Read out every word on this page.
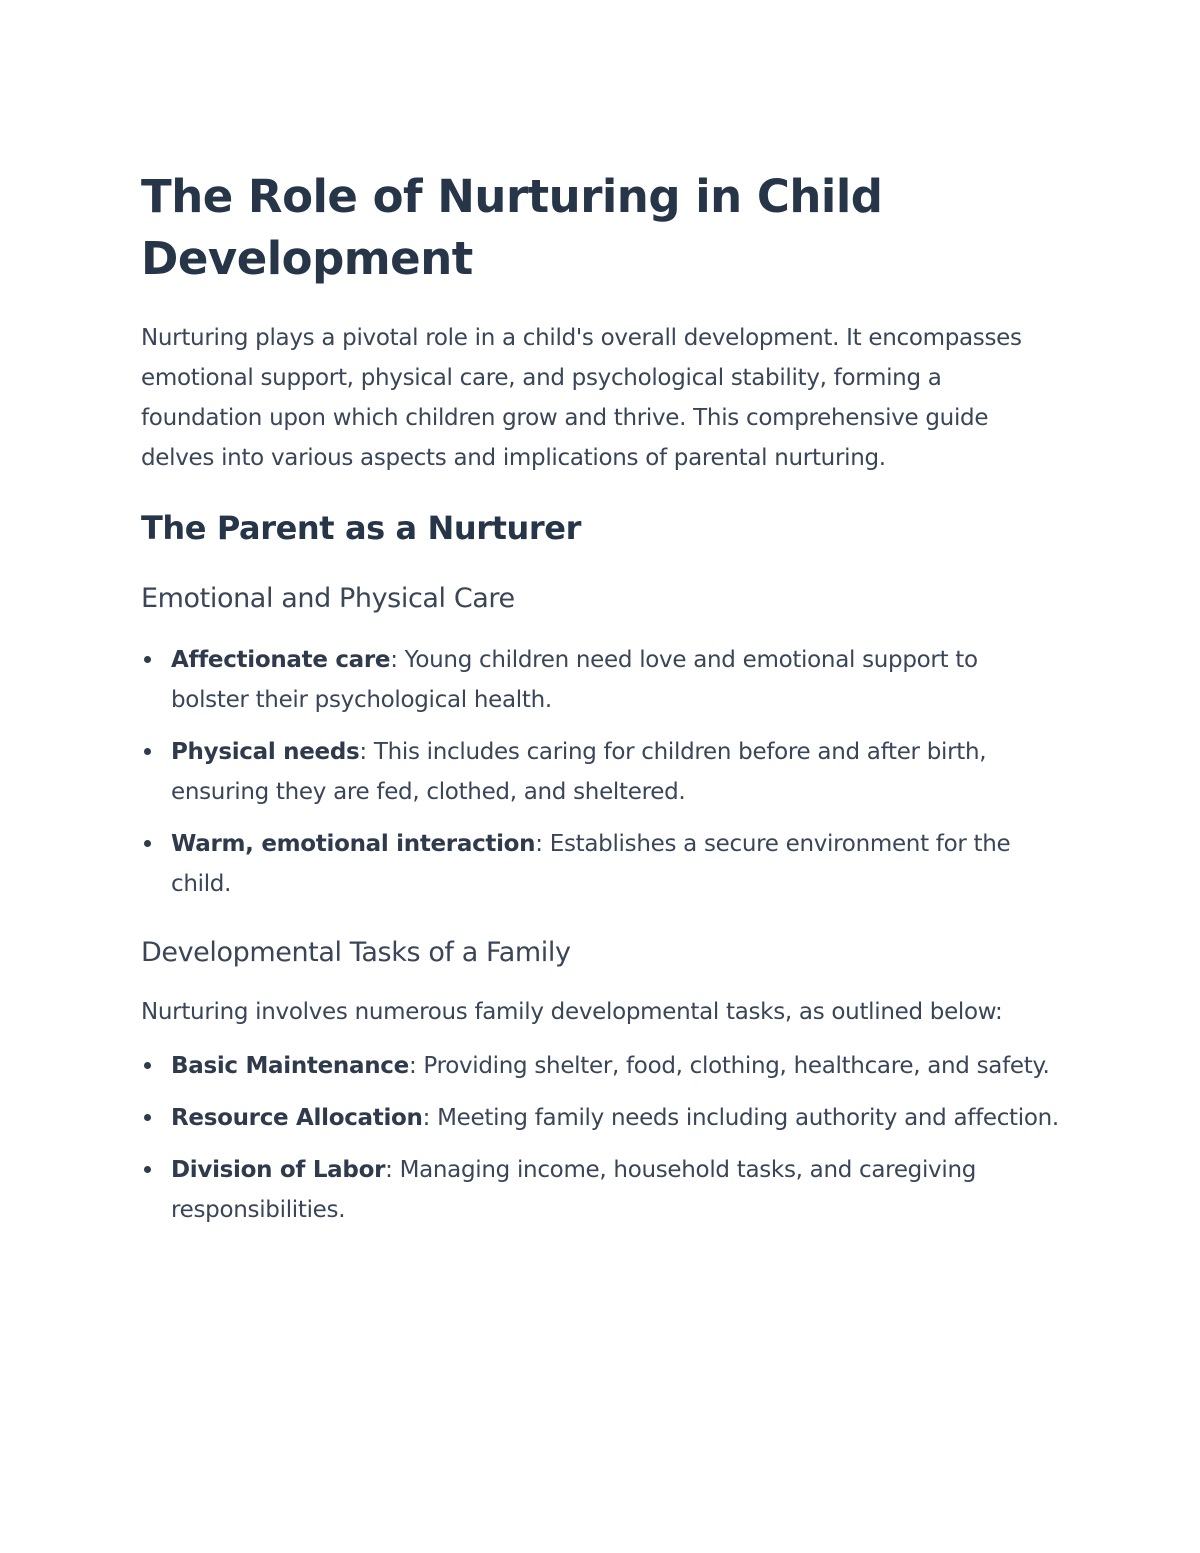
The Role of Nurturing in Child Development

Nurturing plays a pivotal role in a child's overall development. It encompasses emotional support, physical care, and psychological stability, forming a foundation upon which children grow and thrive. This comprehensive guide delves into various aspects and implications of parental nurturing.

The Parent as a Nurturer
Emotional and Physical Care
Affectionate care: Young children need love and emotional support to bolster their psychological health.
Physical needs: This includes caring for children before and after birth, ensuring they are fed, clothed, and sheltered.
Warm, emotional interaction: Establishes a secure environment for the child.
Developmental Tasks of a Family

Nurturing involves numerous family developmental tasks, as outlined below:

Basic Maintenance: Providing shelter, food, clothing, healthcare, and safety.
Resource Allocation: Meeting family needs including authority and affection.
Division of Labor: Managing income, household tasks, and caregiving responsibilities.
